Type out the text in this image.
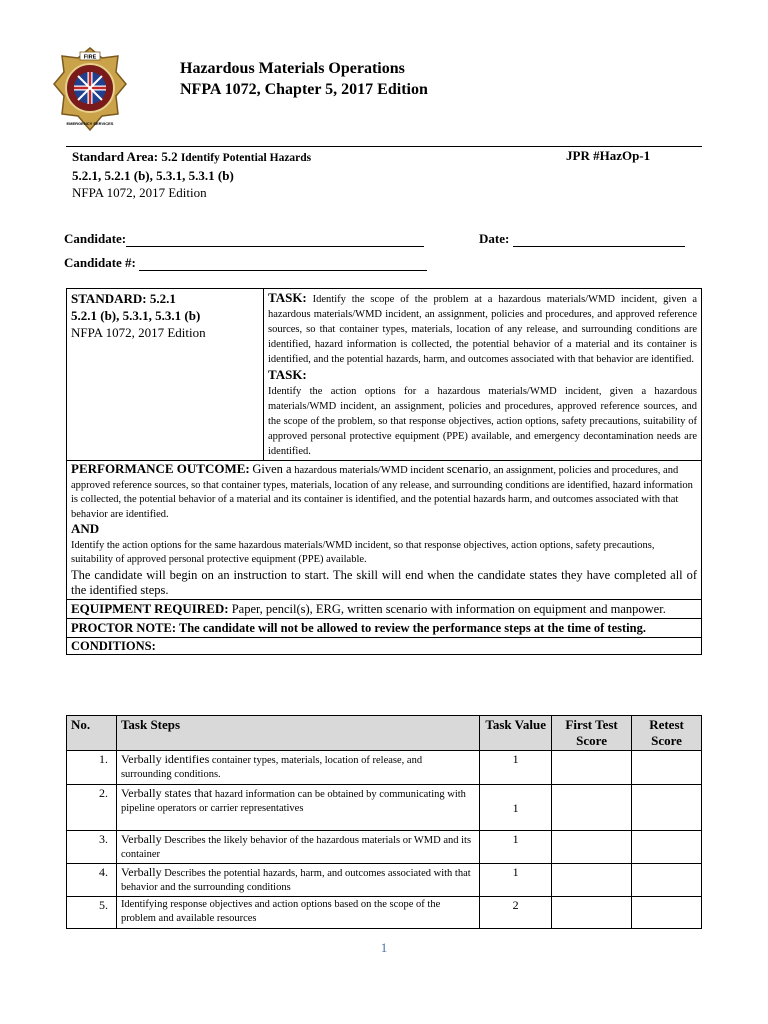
FIRE
EMERGENCY SERVICES
Hazardous Materials Operations
NFPA 1072, Chapter 5, 2017 Edition
Standard Area: 5.2 Identify Potential Hazards
5.2.1, 5.2.1 (b), 5.3.1, 5.3.1 (b)
NFPA 1072, 2017 Edition
JPR #HazOp-1
Candidate:	Date:
Candidate #:
STANDARD: 5.2.1
5.2.1 (b), 5.3.1, 5.3.1 (b)
NFPA 1072, 2017 Edition
	TASK: Identify the scope of the problem at a hazardous materials/WMD incident, given a hazardous materials/WMD incident, an assignment, policies and procedures, and approved reference sources, so that container types, materials, location of any release, and surrounding conditions are identified, hazard information is collected, the potential behavior of a material and its container is identified, and the potential hazards, harm, and outcomes associated with that behavior are identified.
TASK:
Identify the action options for a hazardous materials/WMD incident, given a hazardous materials/WMD incident, an assignment, policies and procedures, approved reference sources, and the scope of the problem, so that response objectives, action options, safety precautions, suitability of approved personal protective equipment (PPE) available, and emergency decontamination needs are identified.

PERFORMANCE OUTCOME: Given a hazardous materials/WMD incident scenario, an assignment, policies and procedures, and approved reference sources, so that container types, materials, location of any release, and surrounding conditions are identified, hazard information is collected, the potential behavior of a material and its container is identified, and the potential hazards harm, and outcomes associated with that behavior are identified.
AND
Identify the action options for the same hazardous materials/WMD incident, so that response objectives, action options, safety precautions, suitability of approved personal protective equipment (PPE) available.
The candidate will begin on an instruction to start. The skill will end when the candidate states they have completed all of the identified steps.

EQUIPMENT REQUIRED: Paper, pencil(s), ERG, written scenario with information on equipment and manpower.
PROCTOR NOTE: The candidate will not be allowed to review the performance steps at the time of testing.
CONDITIONS:
No.	Task Steps	Task Value	First Test Score	Retest Score
1.	Verbally identifies container types, materials, location of release, and surrounding conditions.	1		
2.	Verbally states that hazard information can be obtained by communicating with pipeline operators or carrier representatives	1		
3.	Verbally Describes the likely behavior of the hazardous materials or WMD and its container	1		
4.	Verbally Describes the potential hazards, harm, and outcomes associated with that behavior and the surrounding conditions	1		
5.	Identifying response objectives and action options based on the scope of the problem and available resources	2		
1
